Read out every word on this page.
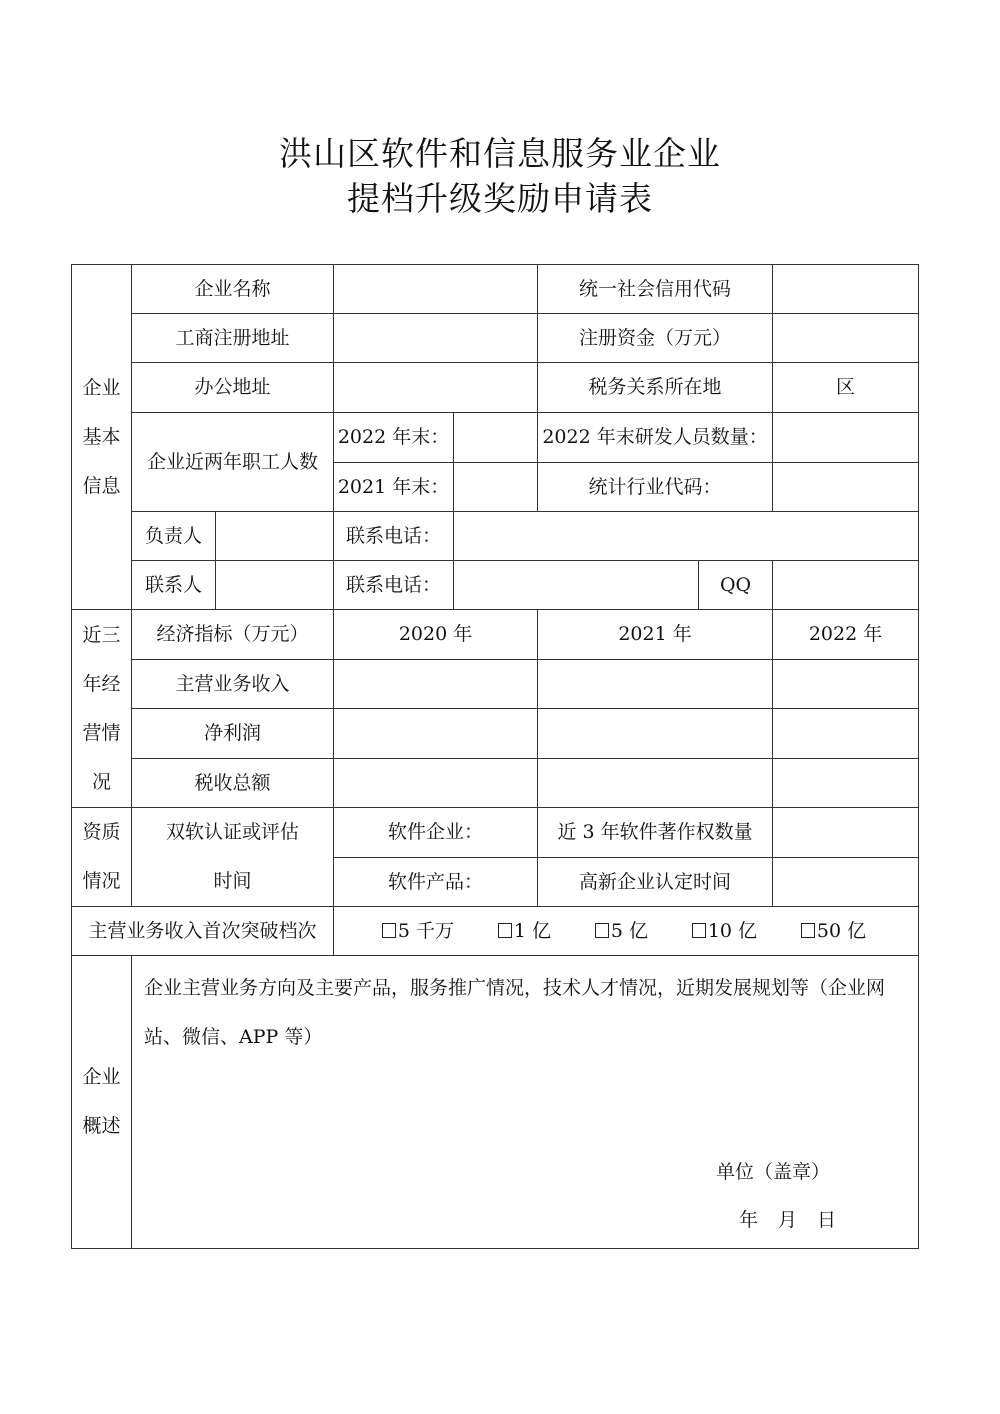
洪山区软件和信息服务业企业
提档升级奖励申请表
企业基本信息	企业名称				统一社会信用代码		
	工商注册地址				注册资金（万元）		
	办公地址				税务关系所在地		区
	企业近两年职工人数		2022 年末：		2022 年末研发人员数量：		
			2021 年末：		统计行业代码：		
	负责人		联系电话：				
	联系人		联系电话：			QQ	
近三年经营情况	经济指标（万元）		2020 年		2021 年		2022 年
	主营业务收入						
	净利润						
	税收总额						
资质情况	双软认证或评估时间		软件企业：		近 3 年软件著作权数量		
			软件产品：		高新企业认定时间		
主营业务收入首次突破档次			5 千万 1 亿 5 亿 10 亿 50 亿				

企业概述	企业主营业务方向及主要产品，服务推广情况，技术人才情况，近期发展规划等（企业网站、微信、APP 等）
单位（盖章）
年 月 日						
